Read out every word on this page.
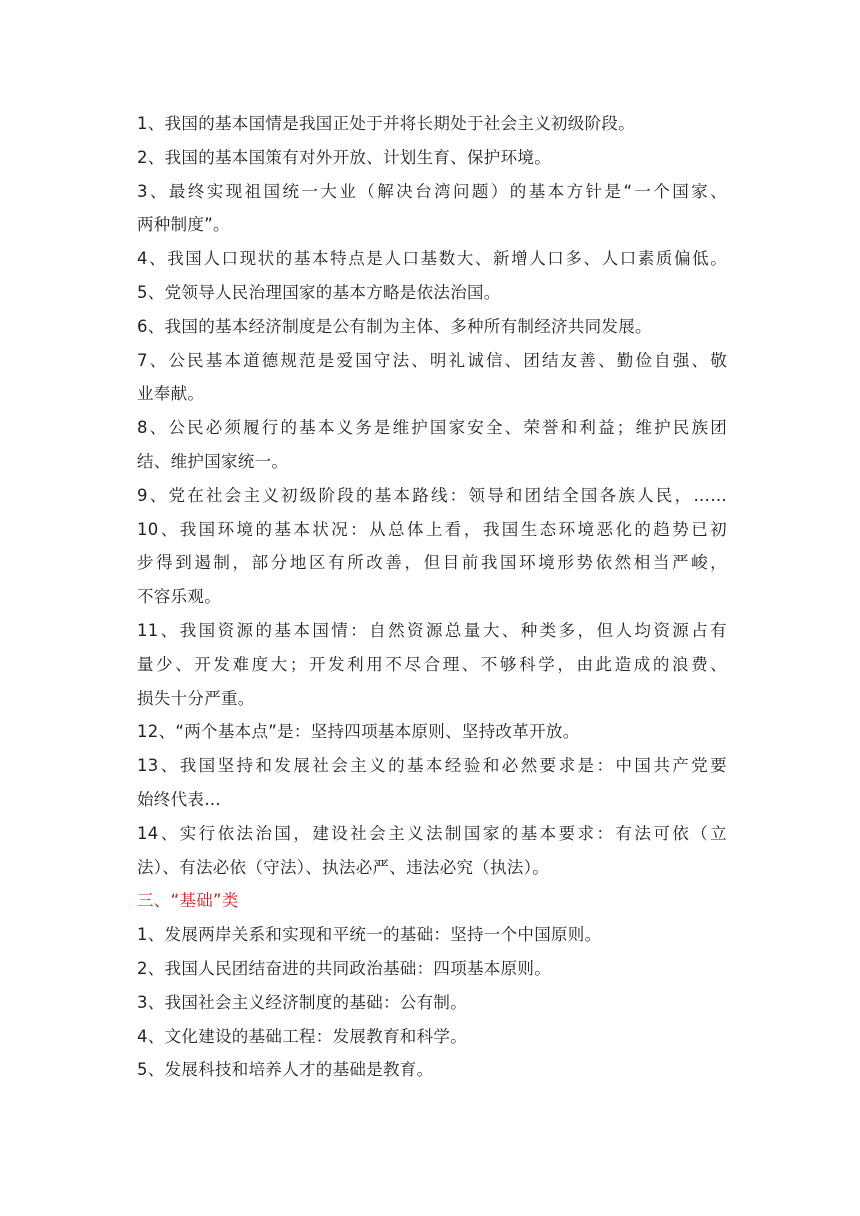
1、我国的基本国情是我国正处于并将长期处于社会主义初级阶段。
2、我国的基本国策有对外开放、计划生育、保护环境。
3、最终实现祖国统一大业（解决台湾问题）的基本方针是“一个国家、
两种制度”。
4、我国人口现状的基本特点是人口基数大、新增人口多、人口素质偏低。
5、党领导人民治理国家的基本方略是依法治国。
6、我国的基本经济制度是公有制为主体、多种所有制经济共同发展。
7、公民基本道德规范是爱国守法、明礼诚信、团结友善、勤俭自强、敬
业奉献。
8、公民必须履行的基本义务是维护国家安全、荣誉和利益；维护民族团
结、维护国家统一。
9、党在社会主义初级阶段的基本路线：领导和团结全国各族人民，……
10、我国环境的基本状况：从总体上看，我国生态环境恶化的趋势已初
步得到遏制，部分地区有所改善，但目前我国环境形势依然相当严峻，
不容乐观。
11、我国资源的基本国情：自然资源总量大、种类多，但人均资源占有
量少、开发难度大；开发利用不尽合理、不够科学，由此造成的浪费、
损失十分严重。
12、“两个基本点”是：坚持四项基本原则、坚持改革开放。
13、我国坚持和发展社会主义的基本经验和必然要求是：中国共产党要
始终代表…
14、实行依法治国，建设社会主义法制国家的基本要求：有法可依（立
法）、有法必依（守法）、执法必严、违法必究（执法）。
三、“基础”类
1、发展两岸关系和实现和平统一的基础：坚持一个中国原则。
2、我国人民团结奋进的共同政治基础：四项基本原则。
3、我国社会主义经济制度的基础：公有制。
4、文化建设的基础工程：发展教育和科学。
5、发展科技和培养人才的基础是教育。
